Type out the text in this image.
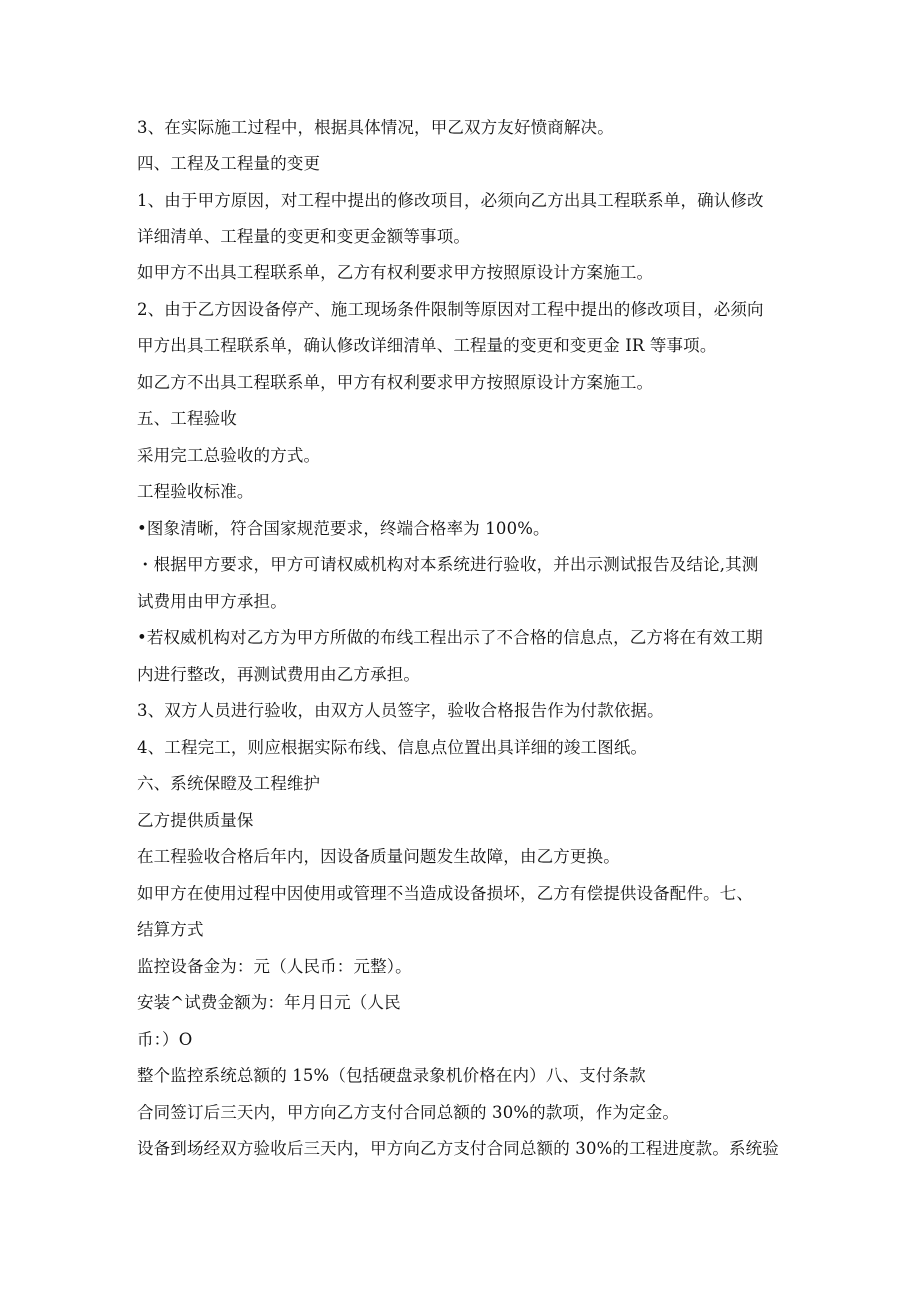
3、在实际施工过程中，根据具体情况，甲乙双方友好愤商解决。

四、工程及工程量的变更

1、由于甲方原因，对工程中提出的修改项目，必须向乙方出具工程联系单，确认修改

详细清单、工程量的变更和变更金额等事项。

如甲方不出具工程联系单，乙方有权利要求甲方按照原设计方案施工。

2、由于乙方因设备停产、施工现场条件限制等原因对工程中提出的修改项目，必须向

甲方出具工程联系单，确认修改详细清单、工程量的变更和变更金 IR 等事项。

如乙方不出具工程联系单，甲方有权利要求甲方按照原设计方案施工。

五、工程验收

采用完工总验收的方式。

工程验收标准。

•图象清晰，符合国家规范要求，终端合格率为 100%。

・根据甲方要求，甲方可请权威机构对本系统进行验收，并出示测试报告及结论,其测

试费用由甲方承担。

•若权威机构对乙方为甲方所做的布线工程出示了不合格的信息点，乙方将在有效工期

内进行整改，再测试费用由乙方承担。

3、双方人员进行验收，由双方人员签字，验收合格报告作为付款依据。

4、工程完工，则应根据实际布线、信息点位置出具详细的竣工图纸。

六、系统保瞪及工程维护

乙方提供质量保

在工程验收合格后年内，因设备质量问题发生故障，由乙方更换。

如甲方在使用过程中因使用或管理不当造成设备损坏，乙方有偿提供设备配件。七、

结算方式

监控设备金为：元（人民币：元整）。

安装^试费金额为：年月日元（人民

币：）O

整个监控系统总额的 15%（包括硬盘录象机价格在内）八、支付条款

合同签订后三天内，甲方向乙方支付合同总额的 30%的款项，作为定金。

设备到场经双方验收后三天内，甲方向乙方支付合同总额的 30%的工程进度款。系统验
